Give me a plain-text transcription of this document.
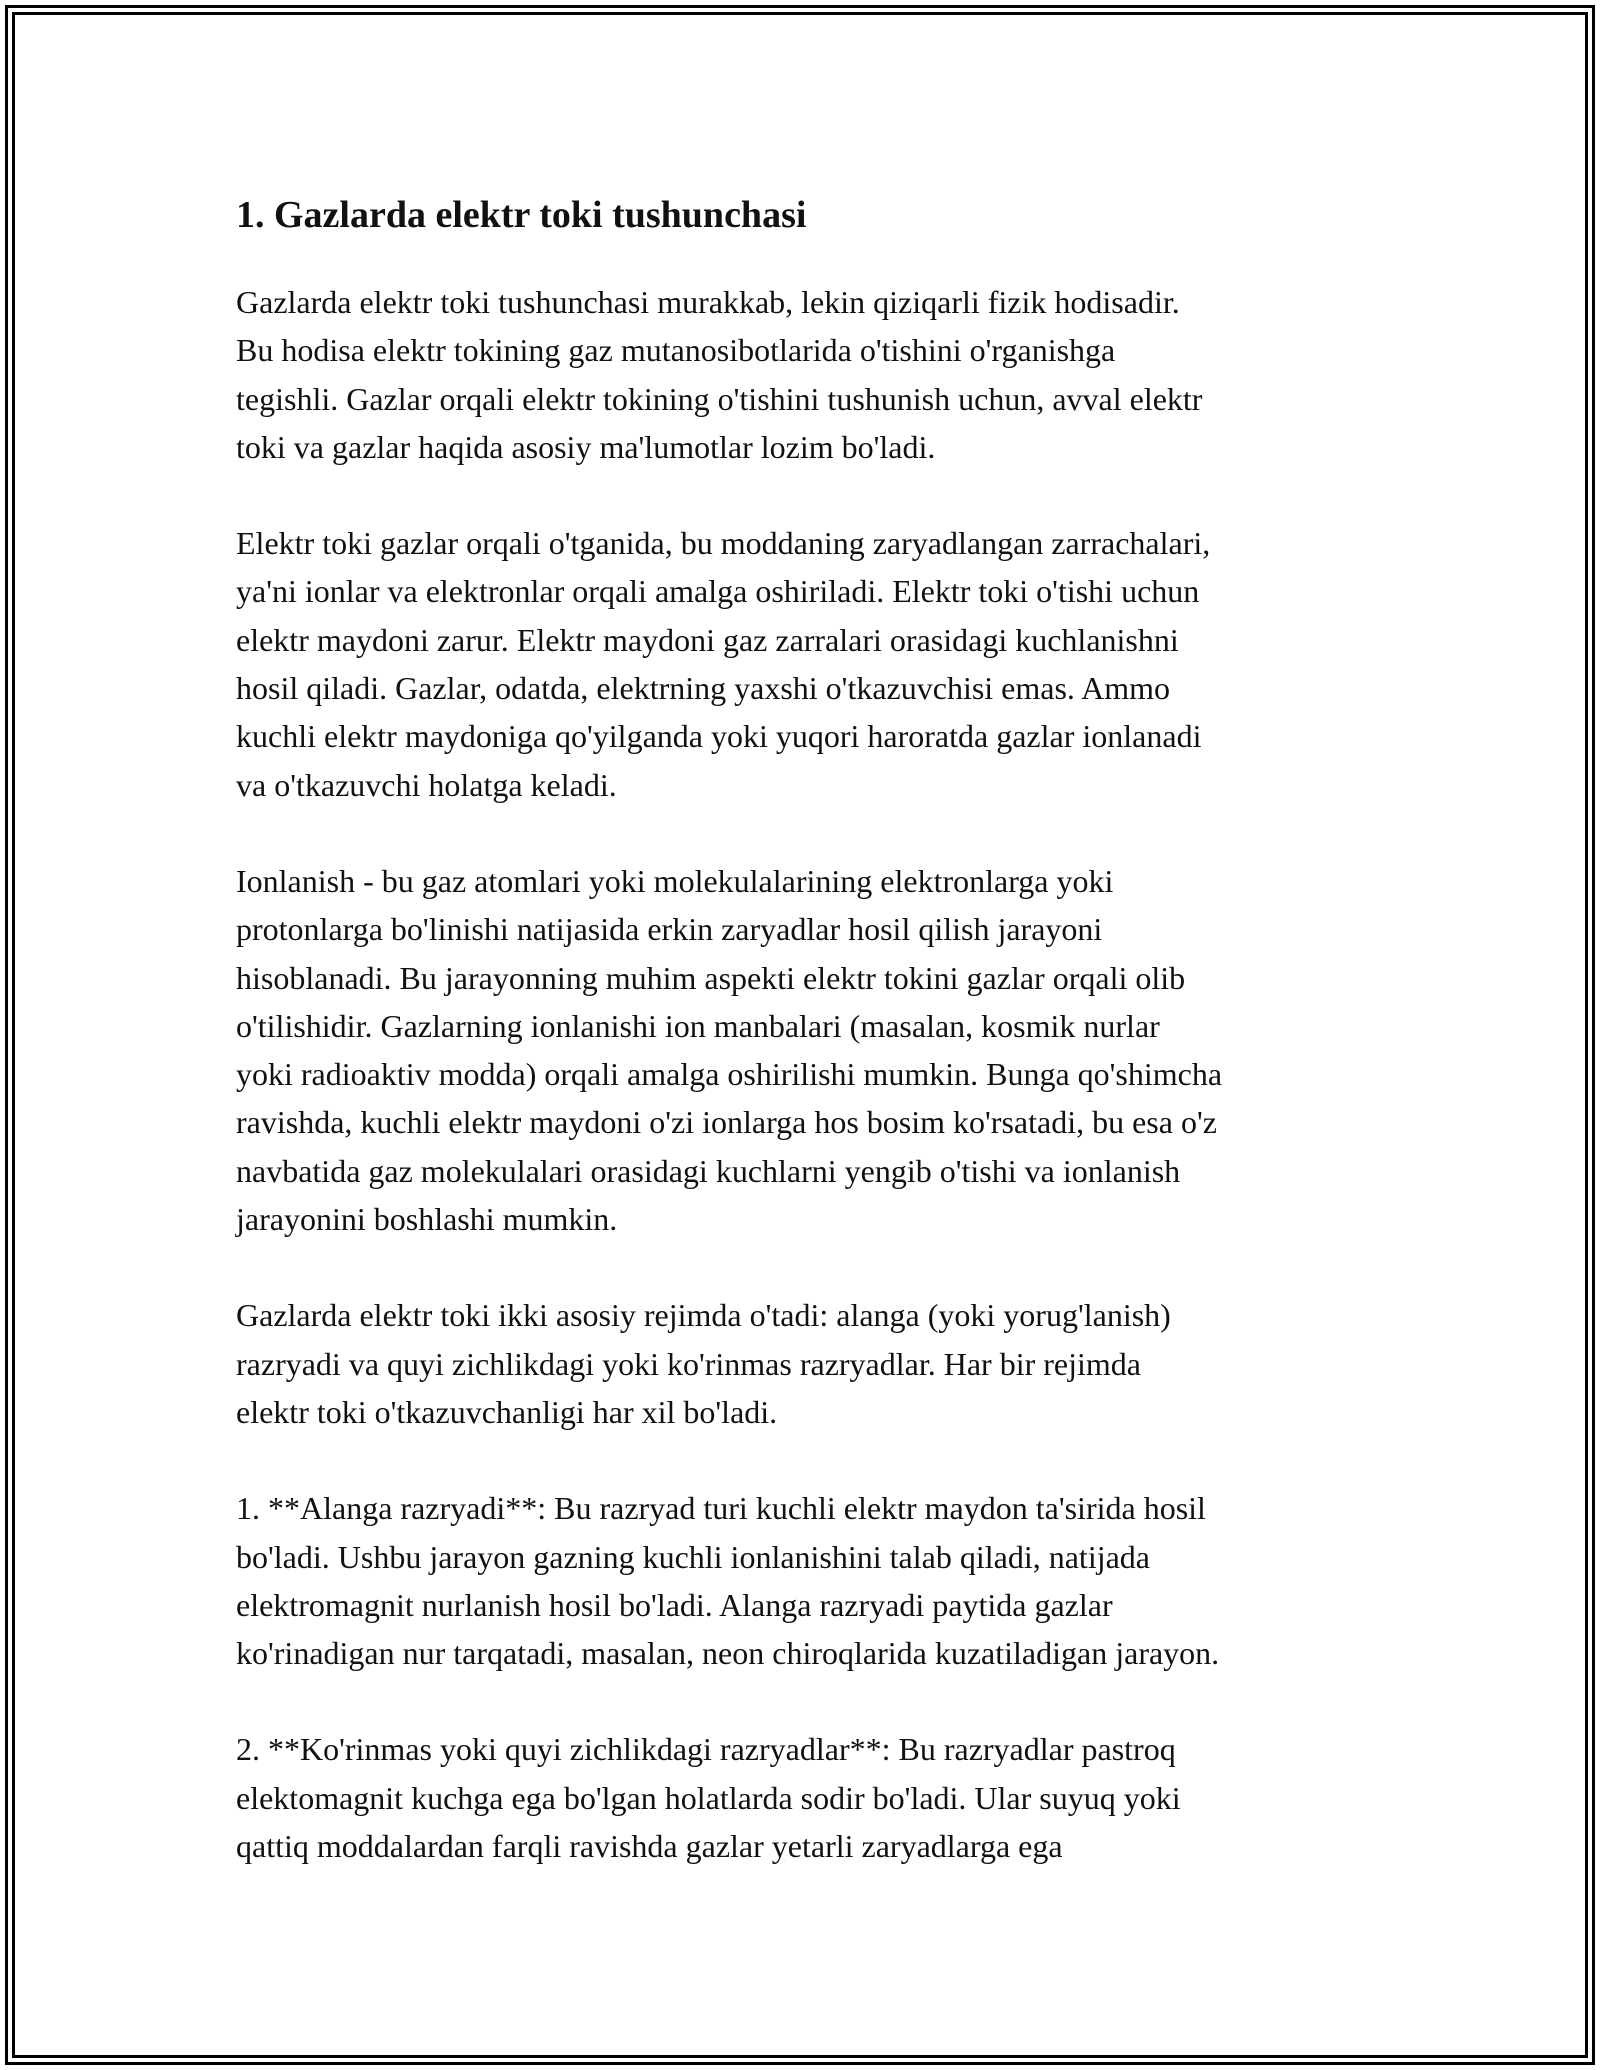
1. Gazlarda elektr toki tushunchasi

Gazlarda elektr toki tushunchasi murakkab, lekin qiziqarli fizik hodisadir.
Bu hodisa elektr tokining gaz mutanosibotlarida o'tishini o'rganishga
tegishli. Gazlar orqali elektr tokining o'tishini tushunish uchun, avval elektr
toki va gazlar haqida asosiy ma'lumotlar lozim bo'ladi.

Elektr toki gazlar orqali o'tganida, bu moddaning zaryadlangan zarrachalari,
ya'ni ionlar va elektronlar orqali amalga oshiriladi. Elektr toki o'tishi uchun
elektr maydoni zarur. Elektr maydoni gaz zarralari orasidagi kuchlanishni
hosil qiladi. Gazlar, odatda, elektrning yaxshi o'tkazuvchisi emas. Ammo
kuchli elektr maydoniga qo'yilganda yoki yuqori haroratda gazlar ionlanadi
va o'tkazuvchi holatga keladi.

Ionlanish - bu gaz atomlari yoki molekulalarining elektronlarga yoki
protonlarga bo'linishi natijasida erkin zaryadlar hosil qilish jarayoni
hisoblanadi. Bu jarayonning muhim aspekti elektr tokini gazlar orqali olib
o'tilishidir. Gazlarning ionlanishi ion manbalari (masalan, kosmik nurlar
yoki radioaktiv modda) orqali amalga oshirilishi mumkin. Bunga qo'shimcha
ravishda, kuchli elektr maydoni o'zi ionlarga hos bosim ko'rsatadi, bu esa o'z
navbatida gaz molekulalari orasidagi kuchlarni yengib o'tishi va ionlanish
jarayonini boshlashi mumkin.

Gazlarda elektr toki ikki asosiy rejimda o'tadi: alanga (yoki yorug'lanish)
razryadi va quyi zichlikdagi yoki ko'rinmas razryadlar. Har bir rejimda
elektr toki o'tkazuvchanligi har xil bo'ladi.

1. **Alanga razryadi**: Bu razryad turi kuchli elektr maydon ta'sirida hosil
bo'ladi. Ushbu jarayon gazning kuchli ionlanishini talab qiladi, natijada
elektromagnit nurlanish hosil bo'ladi. Alanga razryadi paytida gazlar
ko'rinadigan nur tarqatadi, masalan, neon chiroqlarida kuzatiladigan jarayon.

2. **Ko'rinmas yoki quyi zichlikdagi razryadlar**: Bu razryadlar pastroq
elektomagnit kuchga ega bo'lgan holatlarda sodir bo'ladi. Ular suyuq yoki
qattiq moddalardan farqli ravishda gazlar yetarli zaryadlarga ega
